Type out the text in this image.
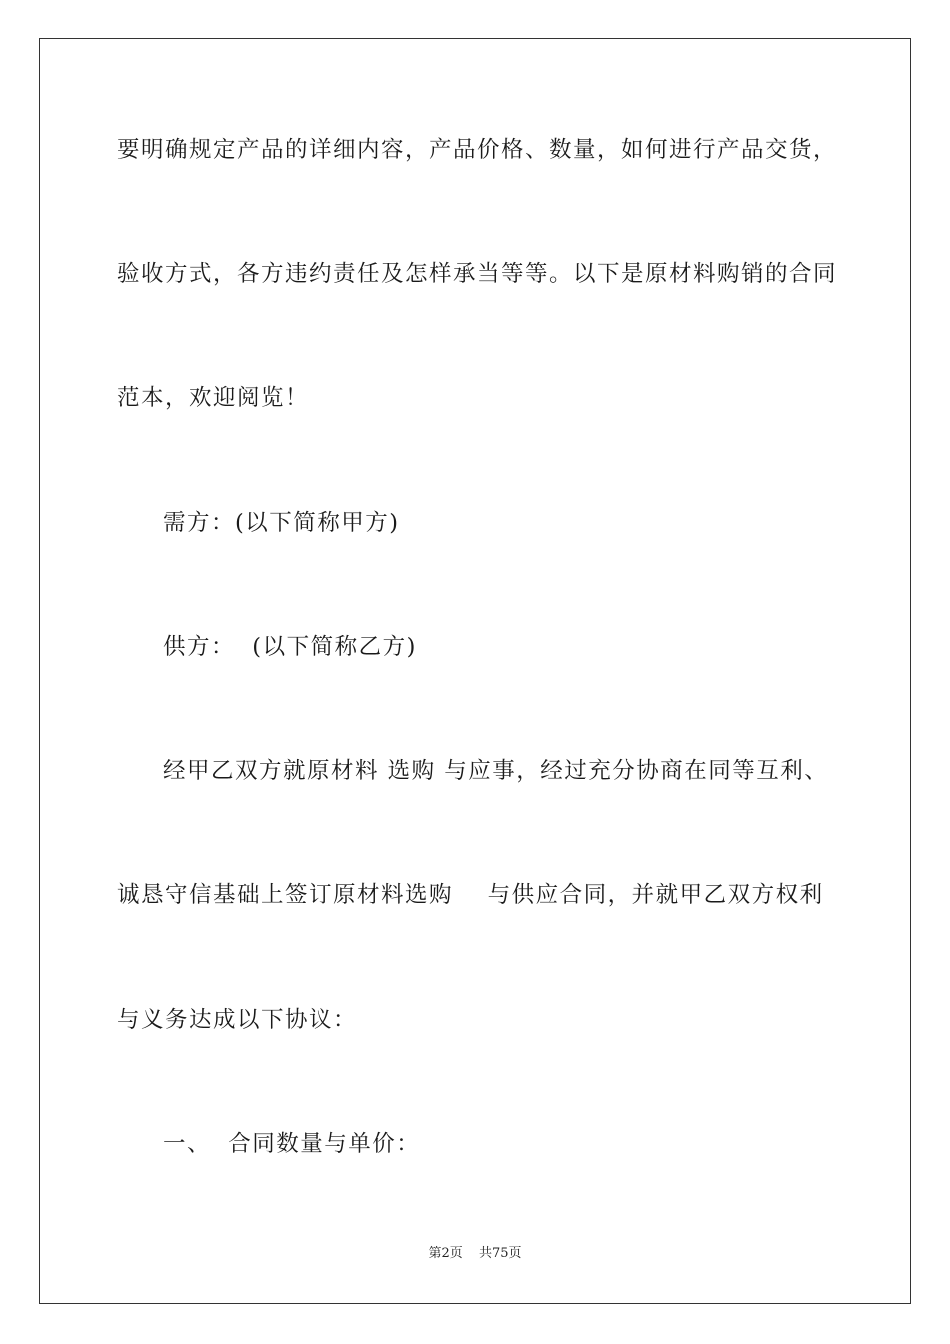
要明确规定产品的详细内容，产品价格、数量，如何进行产品交货，
验收方式，各方违约责任及怎样承当等等。以下是原材料购销的合同
范本，欢迎阅览！
需方：(以下简称甲方)
供方：  (以下简称乙方)
经甲乙双方就原材料 选购 与应事，经过充分协商在同等互利、
诚恳守信基础上签订原材料选购    与供应合同，并就甲乙双方权利
与义务达成以下协议：
一、  合同数量与单价：
第2页 共75页
